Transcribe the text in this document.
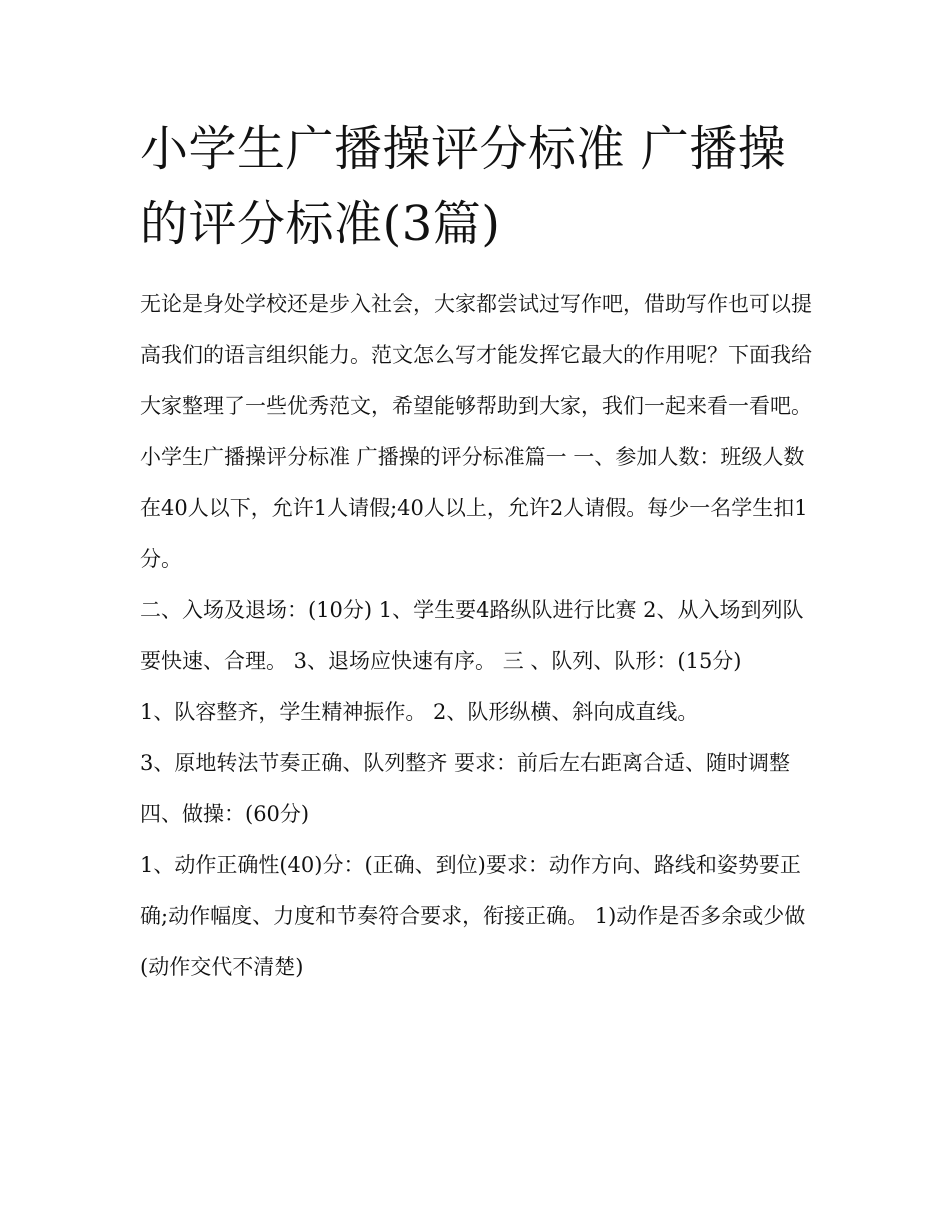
小学生广播操评分标准 广播操的评分标准(3篇)

无论是身处学校还是步入社会，大家都尝试过写作吧，借助写作也可以提高我们的语言组织能力。范文怎么写才能发挥它最大的作用呢？下面我给大家整理了一些优秀范文，希望能够帮助到大家，我们一起来看一看吧。

小学生广播操评分标准 广播操的评分标准篇一 一、参加人数：班级人数在40人以下，允许1人请假;40人以上，允许2人请假。每少一名学生扣1分。

二、入场及退场：(10分) 1、学生要4路纵队进行比赛 2、从入场到列队要快速、合理。 3、退场应快速有序。 三 、队列、队形：(15分)

1、队容整齐，学生精神振作。 2、队形纵横、斜向成直线。

3、原地转法节奏正确、队列整齐 要求：前后左右距离合适、随时调整 四、做操：(60分)

1、动作正确性(40)分：(正确、到位)要求：动作方向、路线和姿势要正确;动作幅度、力度和节奏符合要求，衔接正确。 1)动作是否多余或少做(动作交代不清楚)
